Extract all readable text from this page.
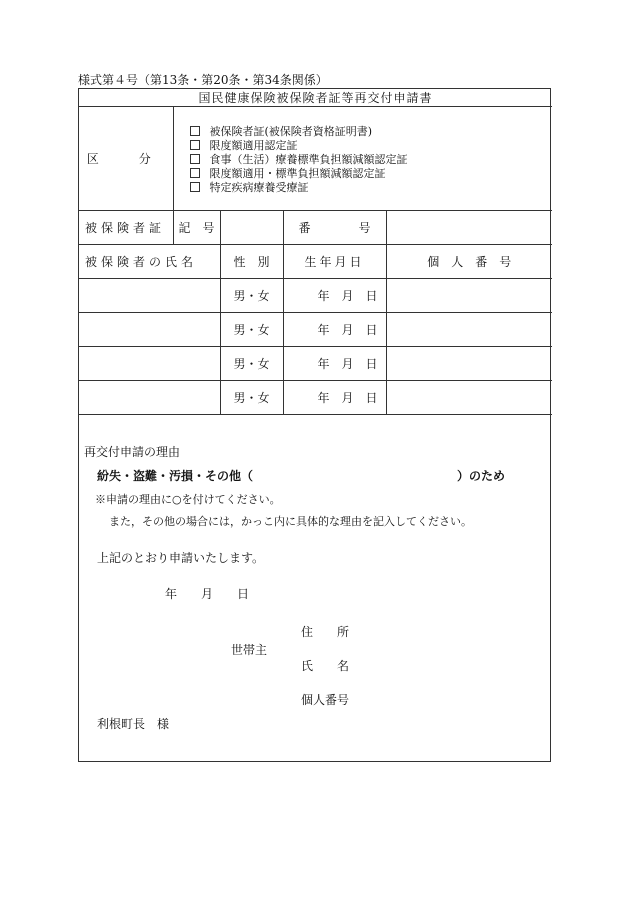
様式第４号（第13条・第20条・第34条関係）
国民健康保険被保険者証等再交付申請書				
区　分	被保険者証(被保険者資格証明書)
限度額適用認定証
食事（生活）療養標準負担額減額認定証
限度額適用・標準負担額減額認定証
特定疾病療養受療証			

被保険者証	記　号		番　　　　号	
被保険者の氏名		性　別	生年月日	個　人　番　号
		男・女	年　月　日	
		男・女	年　月　日	
		男・女	年　月　日	
		男・女	年　月　日	
再交付申請の理由
紛失・盗難・汚損・その他（	）のため
※申請の理由に○を付けてください。
また，その他の場合には，かっこ内に具体的な理由を記入してください。
上記のとおり申請いたします。
年　　月　　日
住　　所
世帯主
氏　　名
個人番号
利根町長　様
